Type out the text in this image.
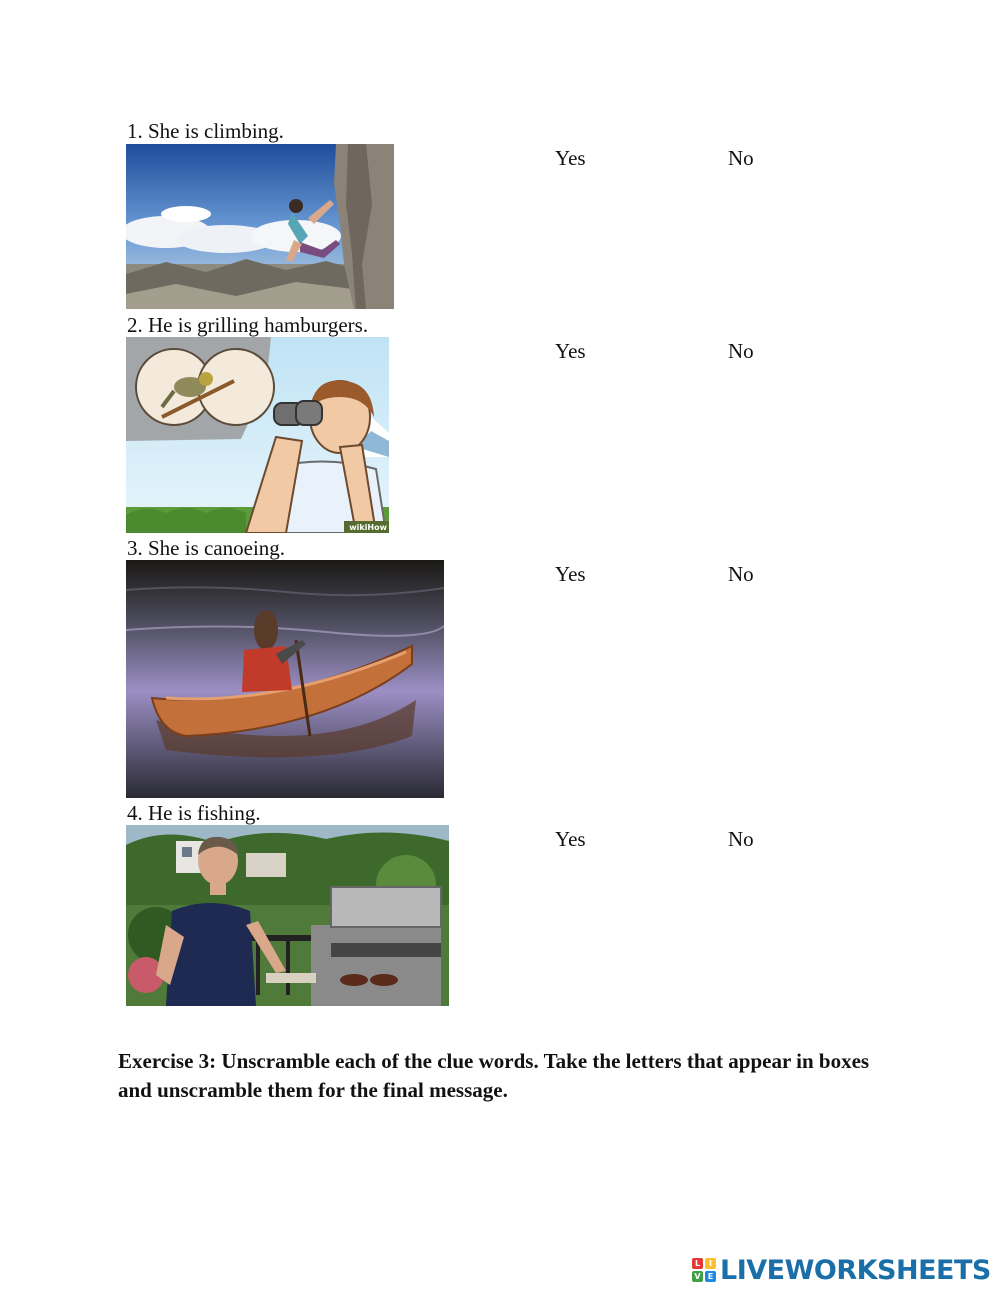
1. She is climbing.
Yes	No
2. He is grilling hamburgers.
wikiHow
Yes	No
3. She is canoeing.
Yes	No
4. He is fishing.
Yes	No
Exercise 3: Unscramble each of the clue words. Take the letters that appear in boxes and unscramble them for the final message.
L	I
V E LIVEWORKSHEETS
